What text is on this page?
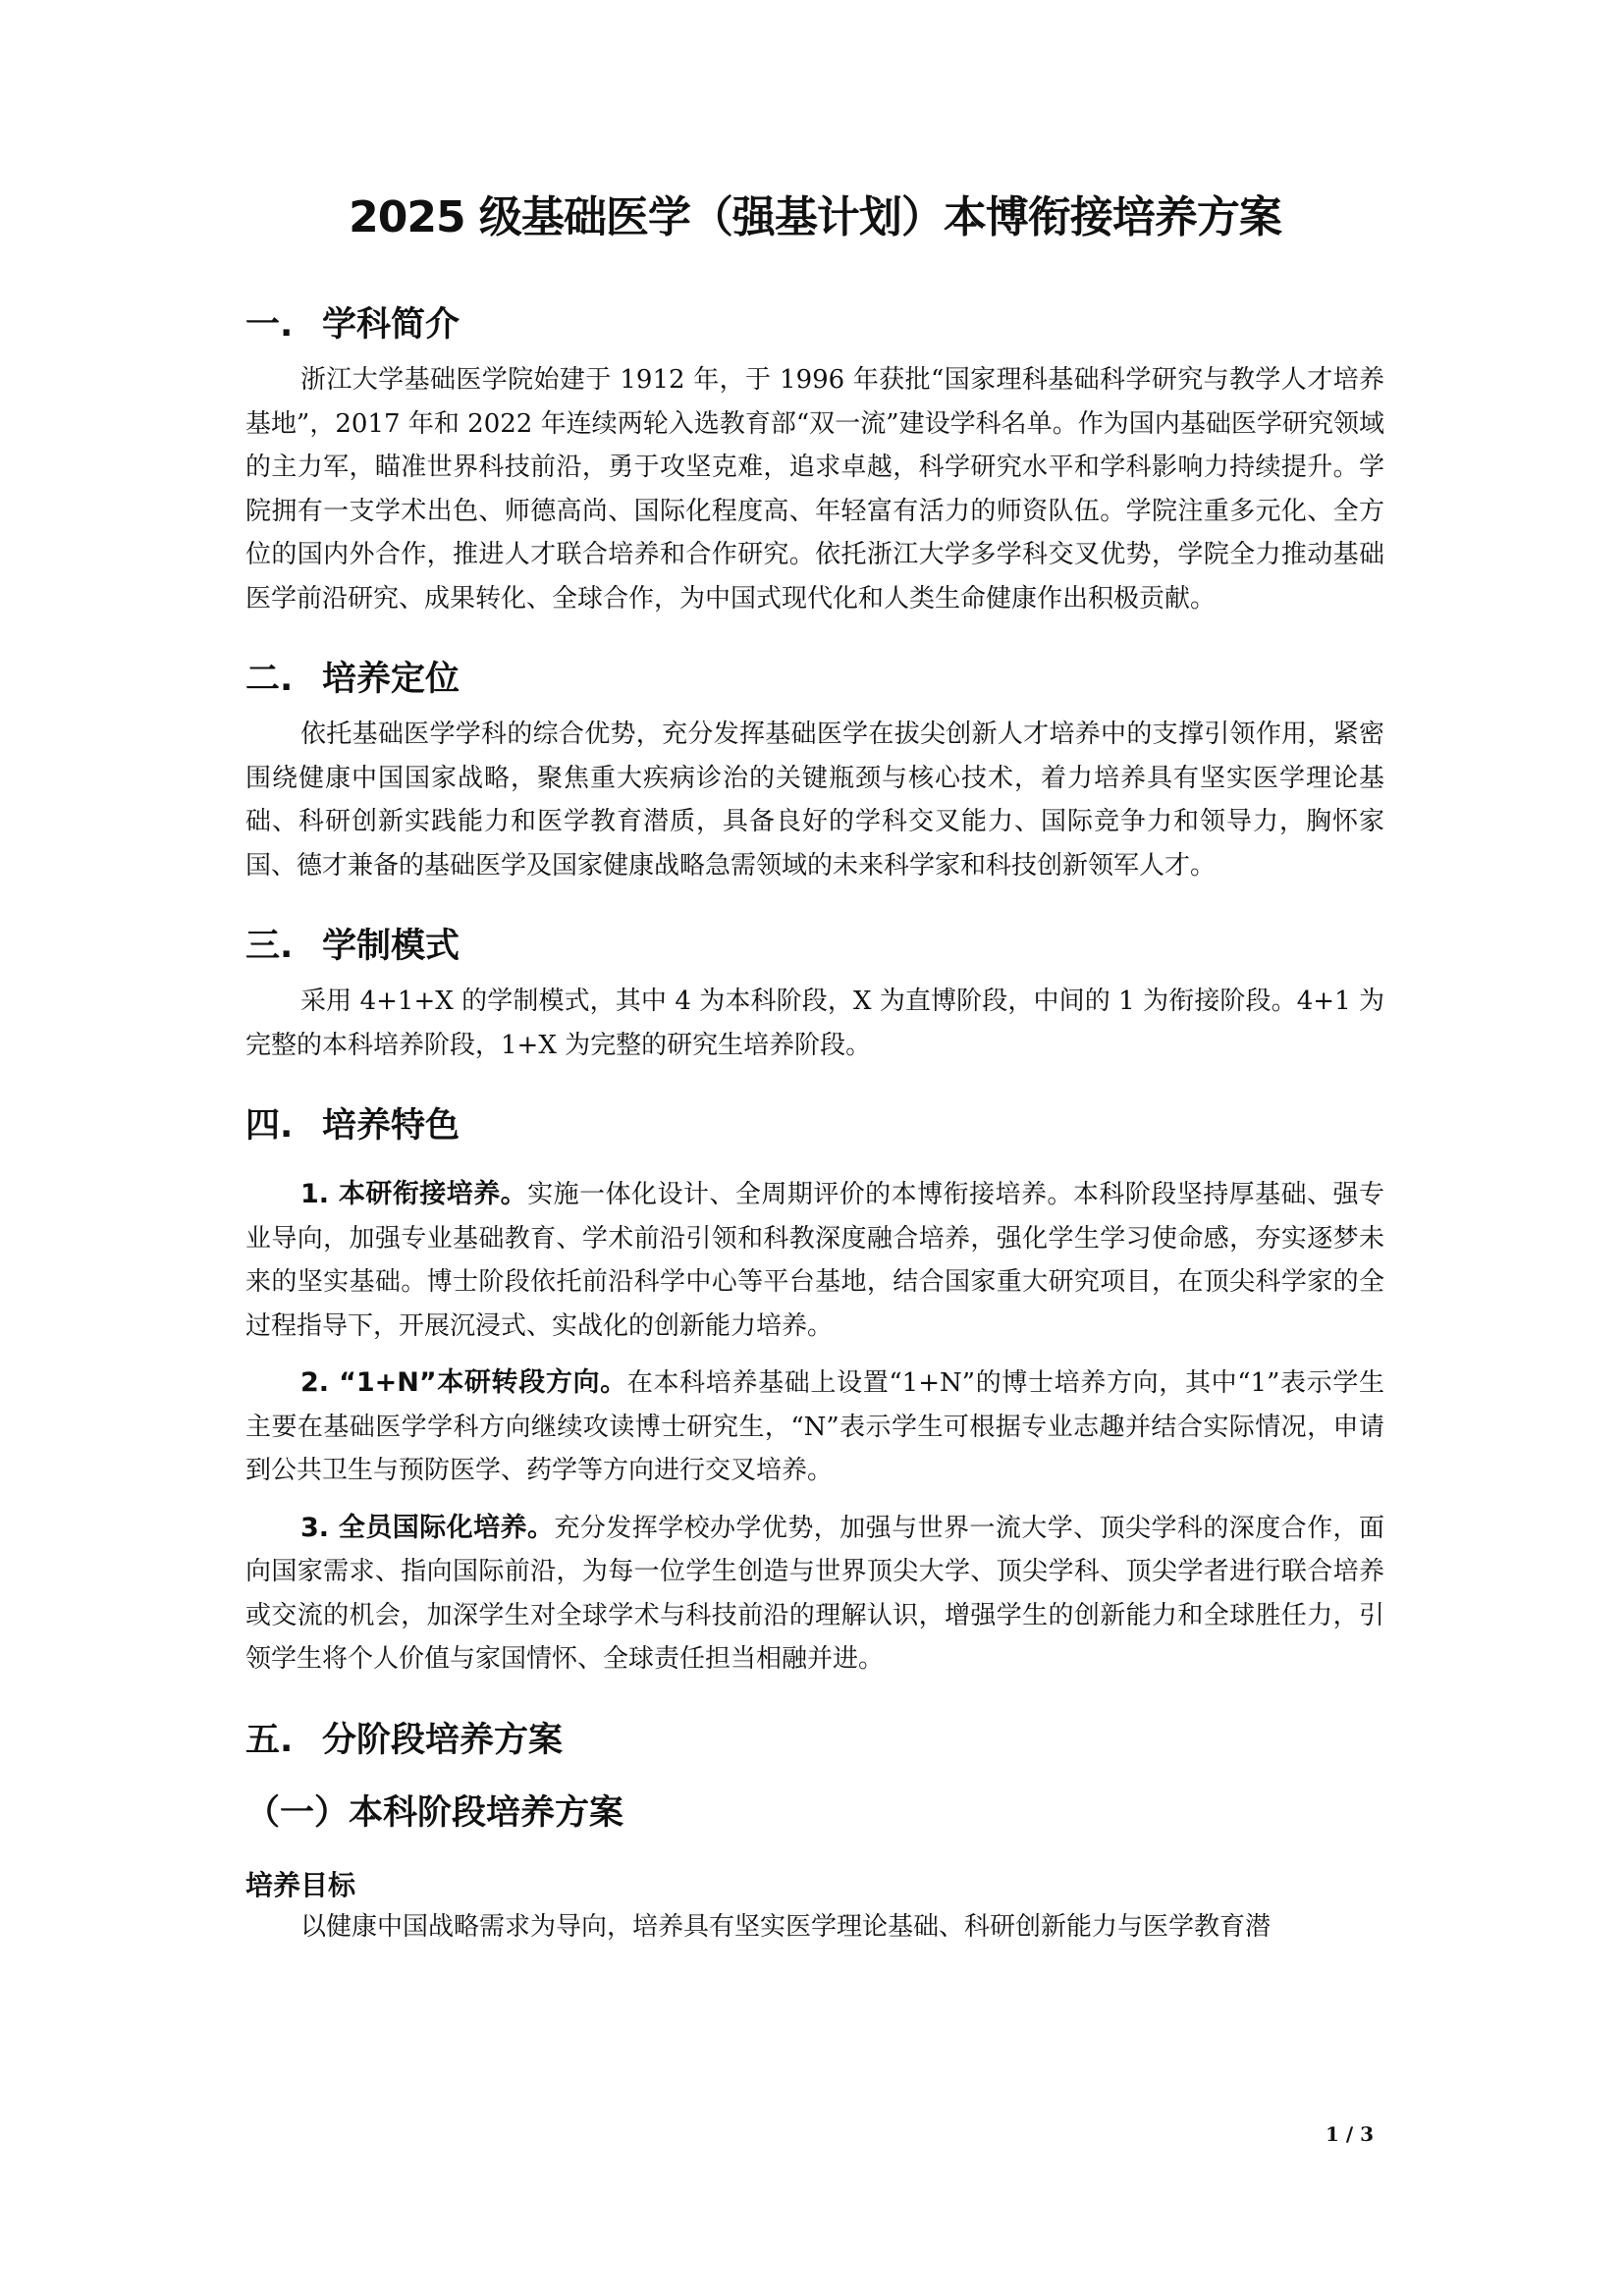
2025 级基础医学（强基计划）本博衔接培养方案
一. 学科简介

浙江大学基础医学院始建于 1912 年，于 1996 年获批“国家理科基础科学研究与教学人才培养基地”，2017 年和 2022 年连续两轮入选教育部“双一流”建设学科名单。作为国内基础医学研究领域的主力军，瞄准世界科技前沿，勇于攻坚克难，追求卓越，科学研究水平和学科影响力持续提升。学院拥有一支学术出色、师德高尚、国际化程度高、年轻富有活力的师资队伍。学院注重多元化、全方位的国内外合作，推进人才联合培养和合作研究。依托浙江大学多学科交叉优势，学院全力推动基础医学前沿研究、成果转化、全球合作，为中国式现代化和人类生命健康作出积极贡献。

二. 培养定位

依托基础医学学科的综合优势，充分发挥基础医学在拔尖创新人才培养中的支撑引领作用，紧密围绕健康中国国家战略，聚焦重大疾病诊治的关键瓶颈与核心技术，着力培养具有坚实医学理论基础、科研创新实践能力和医学教育潜质，具备良好的学科交叉能力、国际竞争力和领导力，胸怀家国、德才兼备的基础医学及国家健康战略急需领域的未来科学家和科技创新领军人才。

三. 学制模式

采用 4+1+X 的学制模式，其中 4 为本科阶段，X 为直博阶段，中间的 1 为衔接阶段。4+1 为完整的本科培养阶段，1+X 为完整的研究生培养阶段。

四. 培养特色

1. 本研衔接培养。实施一体化设计、全周期评价的本博衔接培养。本科阶段坚持厚基础、强专业导向，加强专业基础教育、学术前沿引领和科教深度融合培养，强化学生学习使命感，夯实逐梦未来的坚实基础。博士阶段依托前沿科学中心等平台基地，结合国家重大研究项目，在顶尖科学家的全过程指导下，开展沉浸式、实战化的创新能力培养。

2. “1+N”本研转段方向。在本科培养基础上设置“1+N”的博士培养方向，其中“1”表示学生主要在基础医学学科方向继续攻读博士研究生，“N”表示学生可根据专业志趣并结合实际情况，申请到公共卫生与预防医学、药学等方向进行交叉培养。

3. 全员国际化培养。充分发挥学校办学优势，加强与世界一流大学、顶尖学科的深度合作，面向国家需求、指向国际前沿，为每一位学生创造与世界顶尖大学、顶尖学科、顶尖学者进行联合培养或交流的机会，加深学生对全球学术与科技前沿的理解认识，增强学生的创新能力和全球胜任力，引领学生将个人价值与家国情怀、全球责任担当相融并进。

五. 分阶段培养方案
（一）本科阶段培养方案
培养目标

以健康中国战略需求为导向，培养具有坚实医学理论基础、科研创新能力与医学教育潜

1 / 3
